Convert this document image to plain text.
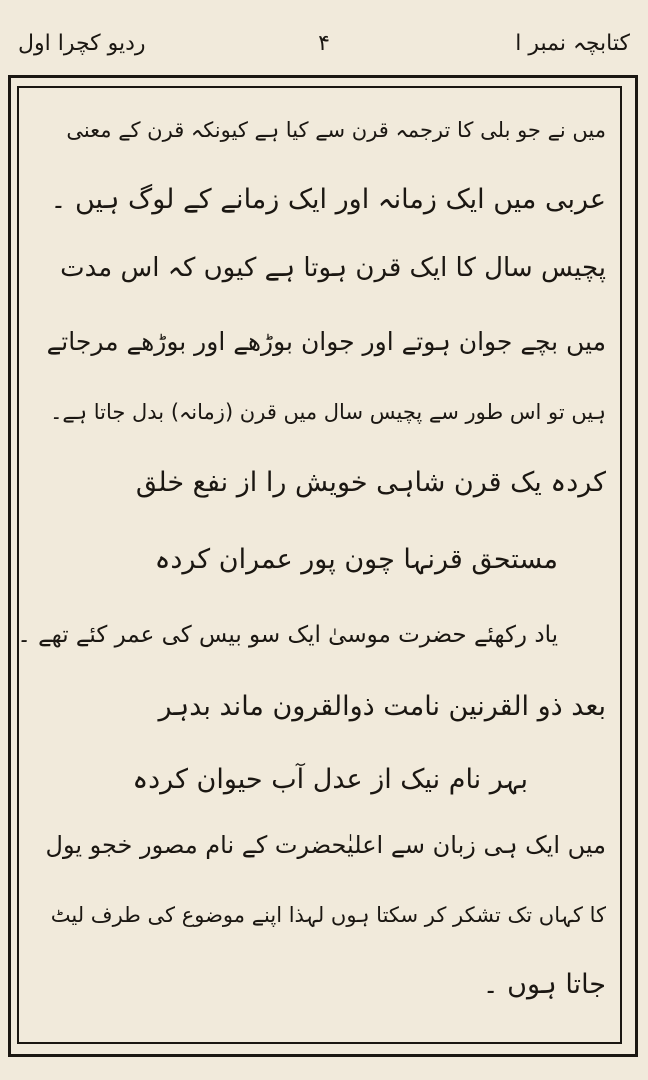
کتابچہ نمبر ا
۴
ردیو کچرا اول
میں نے جو بلی کا ترجمہ قرن سے کیا ہے کیونکہ قرن کے معنی
عربی میں ایک زمانہ اور ایک زمانے کے لوگ ہیں ۔
پچیس سال کا ایک قرن ہوتا ہے کیوں کہ اس مدت
میں بچے جوان ہوتے اور جوان بوڑھے اور بوڑھے مرجاتے
ہیں تو اس طور سے پچیس سال میں قرن (زمانہ) بدل جاتا ہے۔
کردہ یک قرن شاہی خویش را از نفع خلق
مستحق قرنہا چون پور عمران کردہ
یاد رکھئے حضرت موسیٰ ایک سو بیس کی عمر کئے تھے ۔
بعد ذو القرنین نامت ذوالقرون ماند بدہر
بہر نام نیک از عدل آب حیوان کردہ
میں ایک ہی زبان سے اعلیٰحضرت کے نام مصور خجو یول
کا کہاں تک تشکر کر سکتا ہوں لہذا اپنے موضوع کی طرف لیٹ
جاتا ہوں ۔
